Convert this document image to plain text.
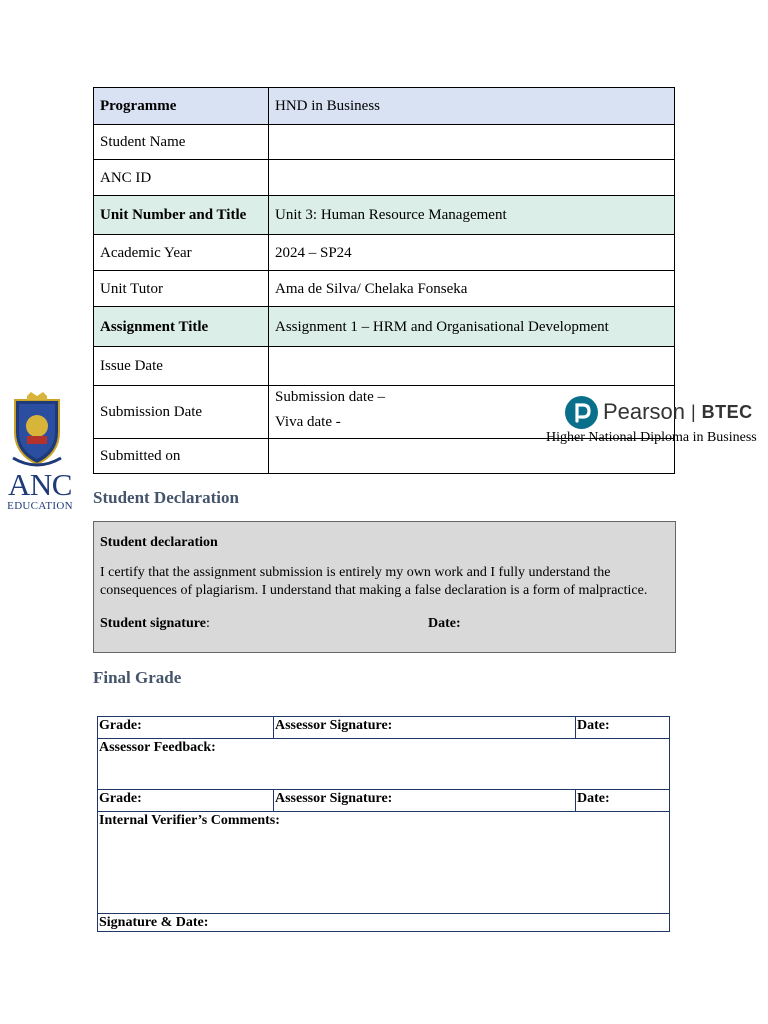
Programme	HND in Business
Student Name	
ANC ID	
Unit Number and Title	Unit 3: Human Resource Management
Academic Year	2024 – SP24
Unit Tutor	Ama de Silva/ Chelaka Fonseka
Assignment Title	Assignment 1 – HRM and Organisational Development
Issue Date	
Submission Date	Submission date –
Viva date -

Submitted on	
ANC
EDUCATION
Pearson | BTEC
Higher National Diploma in Business
Student Declaration
Student declaration
I certify that the assignment submission is entirely my own work and I fully understand the consequences of plagiarism. I understand that making a false declaration is a form of malpractice.
Student signature:	Date:
Final Grade
Grade:	Assessor Signature:	Date:
Assessor Feedback:		
Grade:	Assessor Signature:	Date:
Internal Verifier’s Comments:		
Signature & Date:		
